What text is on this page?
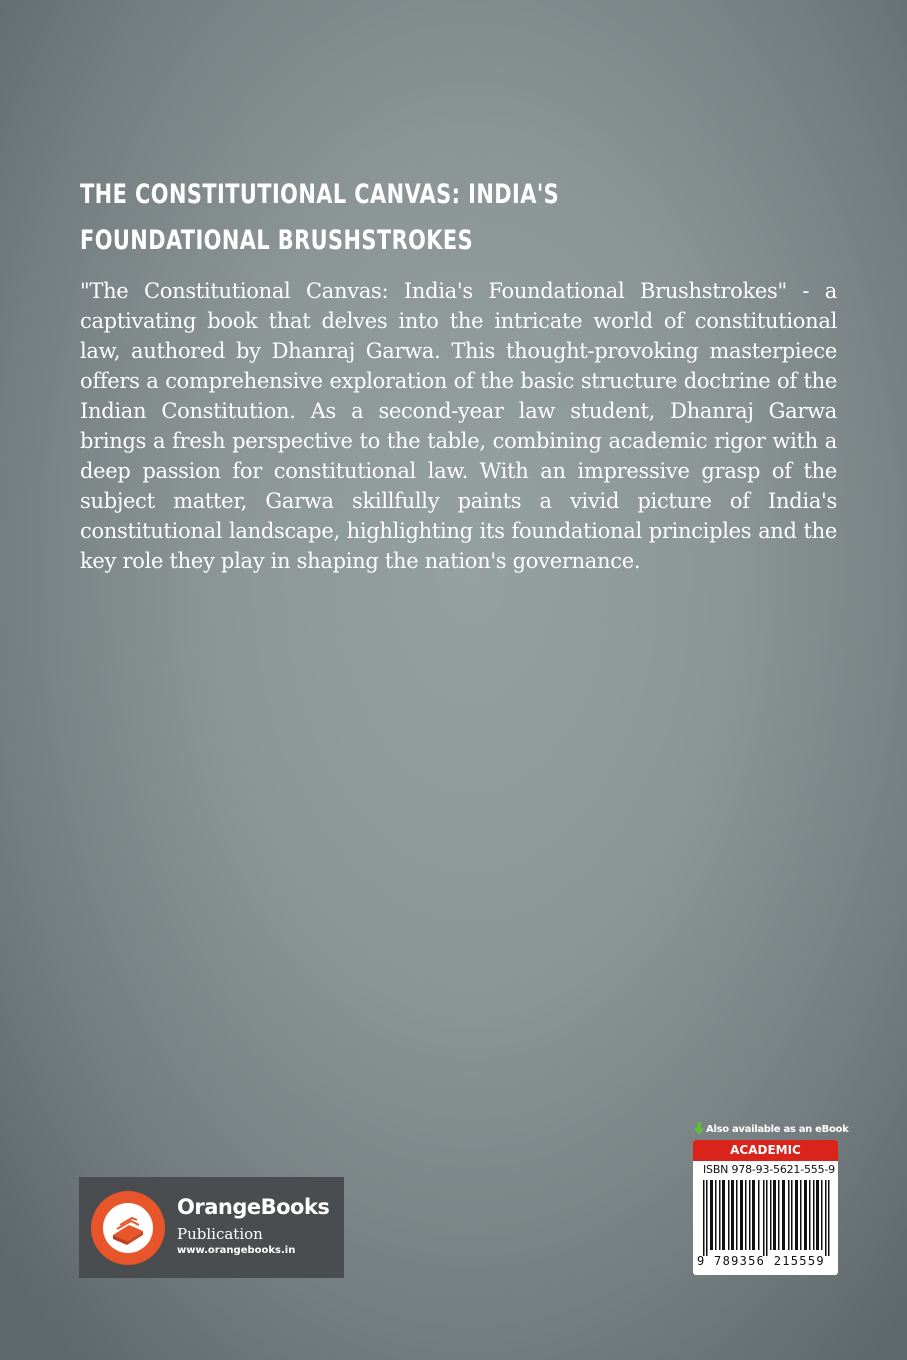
THE CONSTITUTIONAL CANVAS: INDIA'S FOUNDATIONAL BRUSHSTROKES
"The Constitutional Canvas: India's Foundational Brushstrokes" - a captivating book that delves into the intricate world of constitutional law, authored by Dhanraj Garwa. This thought-provoking masterpiece offers a comprehensive exploration of the basic structure doctrine of the Indian Constitution. As a second-year law student, Dhanraj Garwa brings a fresh perspective to the table, combining academic rigor with a deep passion for constitutional law. With an impressive grasp of the subject matter, Garwa skillfully paints a vivid picture of India's constitutional landscape, highlighting its foundational principles and the key role they play in shaping the nation's governance.
OrangeBooks
Publication
www.orangebooks.in
Also available as an eBook
ACADEMIC
ISBN 978-93-5621-555-9
9 789356 215559
